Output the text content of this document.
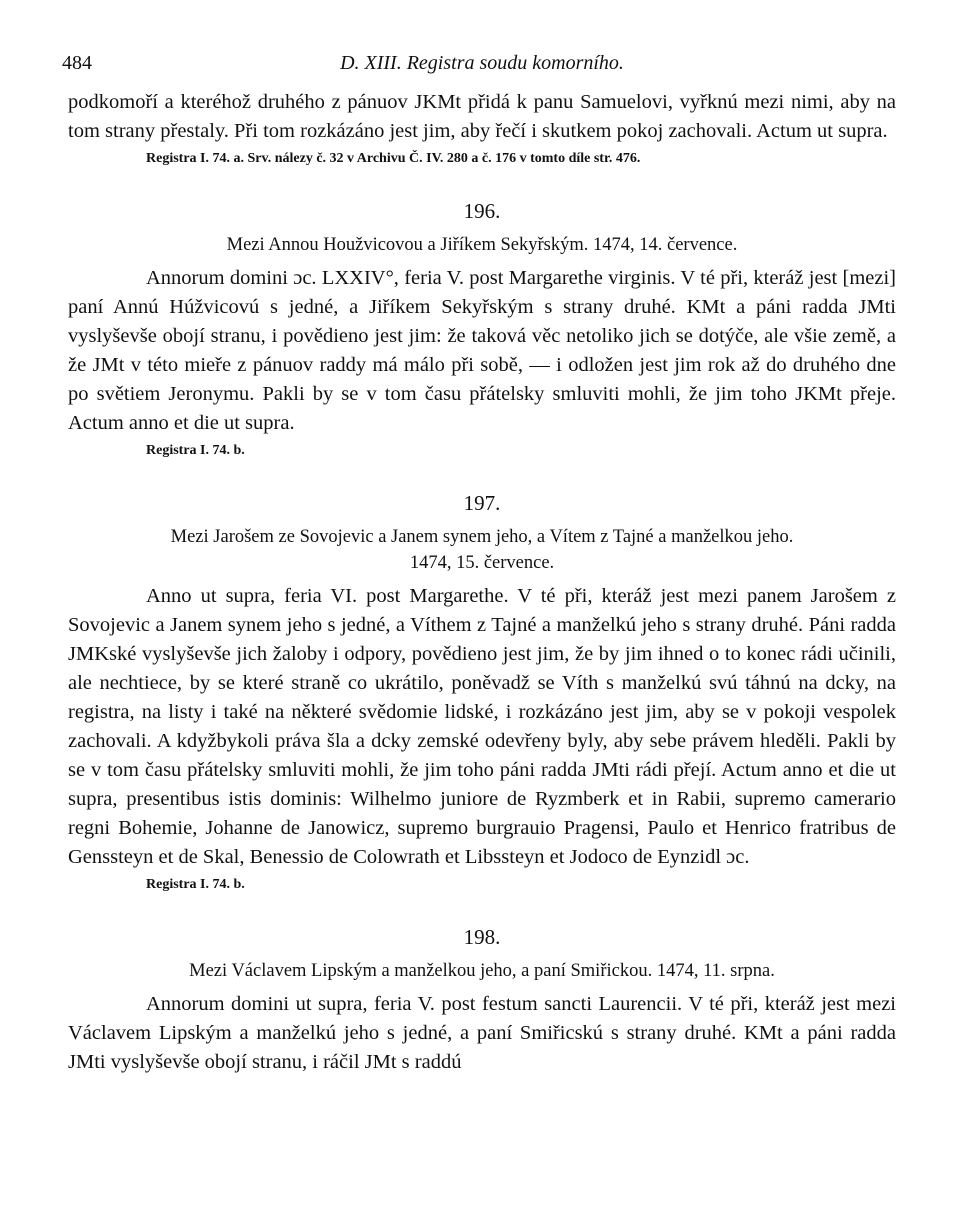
484	D. XIII. Registra soudu komorního.

podkomoří a kteréhož druhého z pánuov JKMt přidá k panu Samuelovi, vyřknú mezi nimi, aby na tom strany přestaly. Při tom rozkázáno jest jim, aby řečí i skutkem pokoj zachovali. Actum ut supra.

Registra I. 74. a. Srv. nálezy č. 32 v Archivu Č. IV. 280 a č. 176 v tomto díle str. 476.
196.
Mezi Annou Houžvicovou a Jiříkem Sekyřským. 1474, 14. července.

Annorum domini ɔc. LXXIV°, feria V. post Margarethe virginis. V té při, kteráž jest [mezi] paní Annú Húžvicovú s jedné, a Jiříkem Sekyřským s strany druhé. KMt a páni radda JMti vyslyševše obojí stranu, i povědieno jest jim: že taková věc netoliko jich se dotýče, ale všie země, a že JMt v této mieře z pánuov raddy má málo při sobě, — i odložen jest jim rok až do druhého dne po světiem Jeronymu. Pakli by se v tom času přátelsky smluviti mohli, že jim toho JKMt přeje. Actum anno et die ut supra.

Registra I. 74. b.
197.
Mezi Jarošem ze Sovojevic a Janem synem jeho, a Vítem z Tajné a manželkou jeho.
1474, 15. července.

Anno ut supra, feria VI. post Margarethe. V té při, kteráž jest mezi panem Jarošem z Sovojevic a Janem synem jeho s jedné, a Víthem z Tajné a manželkú jeho s strany druhé. Páni radda JMKské vyslyševše jich žaloby i odpory, povědieno jest jim, že by jim ihned o to konec rádi učinili, ale nechtiece, by se které straně co ukrátilo, poněvadž se Víth s manželkú svú táhnú na dcky, na registra, na listy i také na některé svědomie lidské, i rozkázáno jest jim, aby se v pokoji vespolek zachovali. A kdyžbykoli práva šla a dcky zemské odevřeny byly, aby sebe právem hleděli. Pakli by se v tom času přátelsky smluviti mohli, že jim toho páni radda JMti rádi přejí. Actum anno et die ut supra, presentibus istis dominis: Wilhelmo juniore de Ryzmberk et in Rabii, supremo camerario regni Bohemie, Johanne de Janowicz, supremo burgrauio Pragensi, Paulo et Henrico fratribus de Genssteyn et de Skal, Benessio de Colowrath et Libssteyn et Jodoco de Eynzidl ɔc.

Registra I. 74. b.
198.
Mezi Václavem Lipským a manželkou jeho, a paní Smiřickou. 1474, 11. srpna.

Annorum domini ut supra, feria V. post festum sancti Laurencii. V té při, kteráž jest mezi Václavem Lipským a manželkú jeho s jedné, a paní Smiřicskú s strany druhé. KMt a páni radda JMti vyslyševše obojí stranu, i ráčil JMt s raddú
